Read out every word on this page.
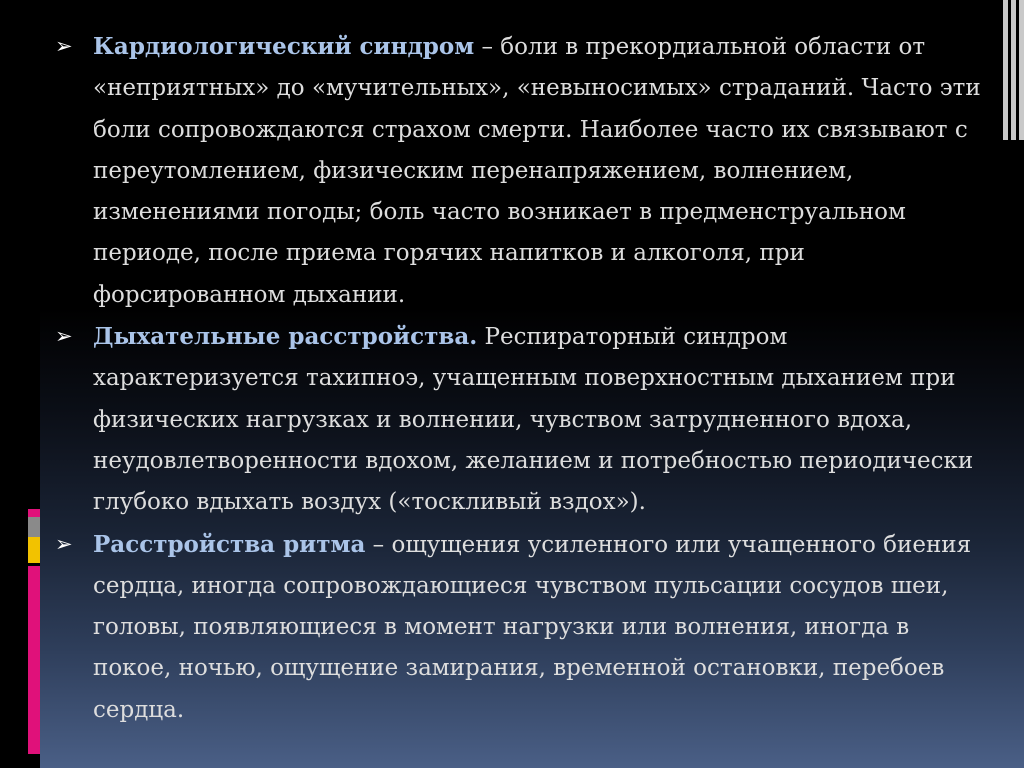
➢ Кардиологический синдром – боли в прекордиальной области от «неприятных» до «мучительных», «невыносимых» страданий. Часто эти боли сопровождаются страхом смерти. Наиболее часто их связывают с переутомлением, физическим перенапряжением, волнением, изменениями погоды; боль часто возникает в предменструальном периоде, после приема горячих напитков и алкоголя, при форсированном дыхании.
➢ Дыхательные расстройства. Респираторный синдром характеризуется тахипноэ, учащенным поверхностным дыханием при физических нагрузках и волнении, чувством затрудненного вдоха, неудовлетворенности вдохом, желанием и потребностью периодически глубоко вдыхать воздух («тоскливый вздох»).
➢ Расстройства ритма – ощущения усиленного или учащенного биения сердца, иногда сопровождающиеся чувством пульсации сосудов шеи, головы, появляющиеся в момент нагрузки или волнения, иногда в покое, ночью, ощущение замирания, временной остановки, перебоев сердца.
